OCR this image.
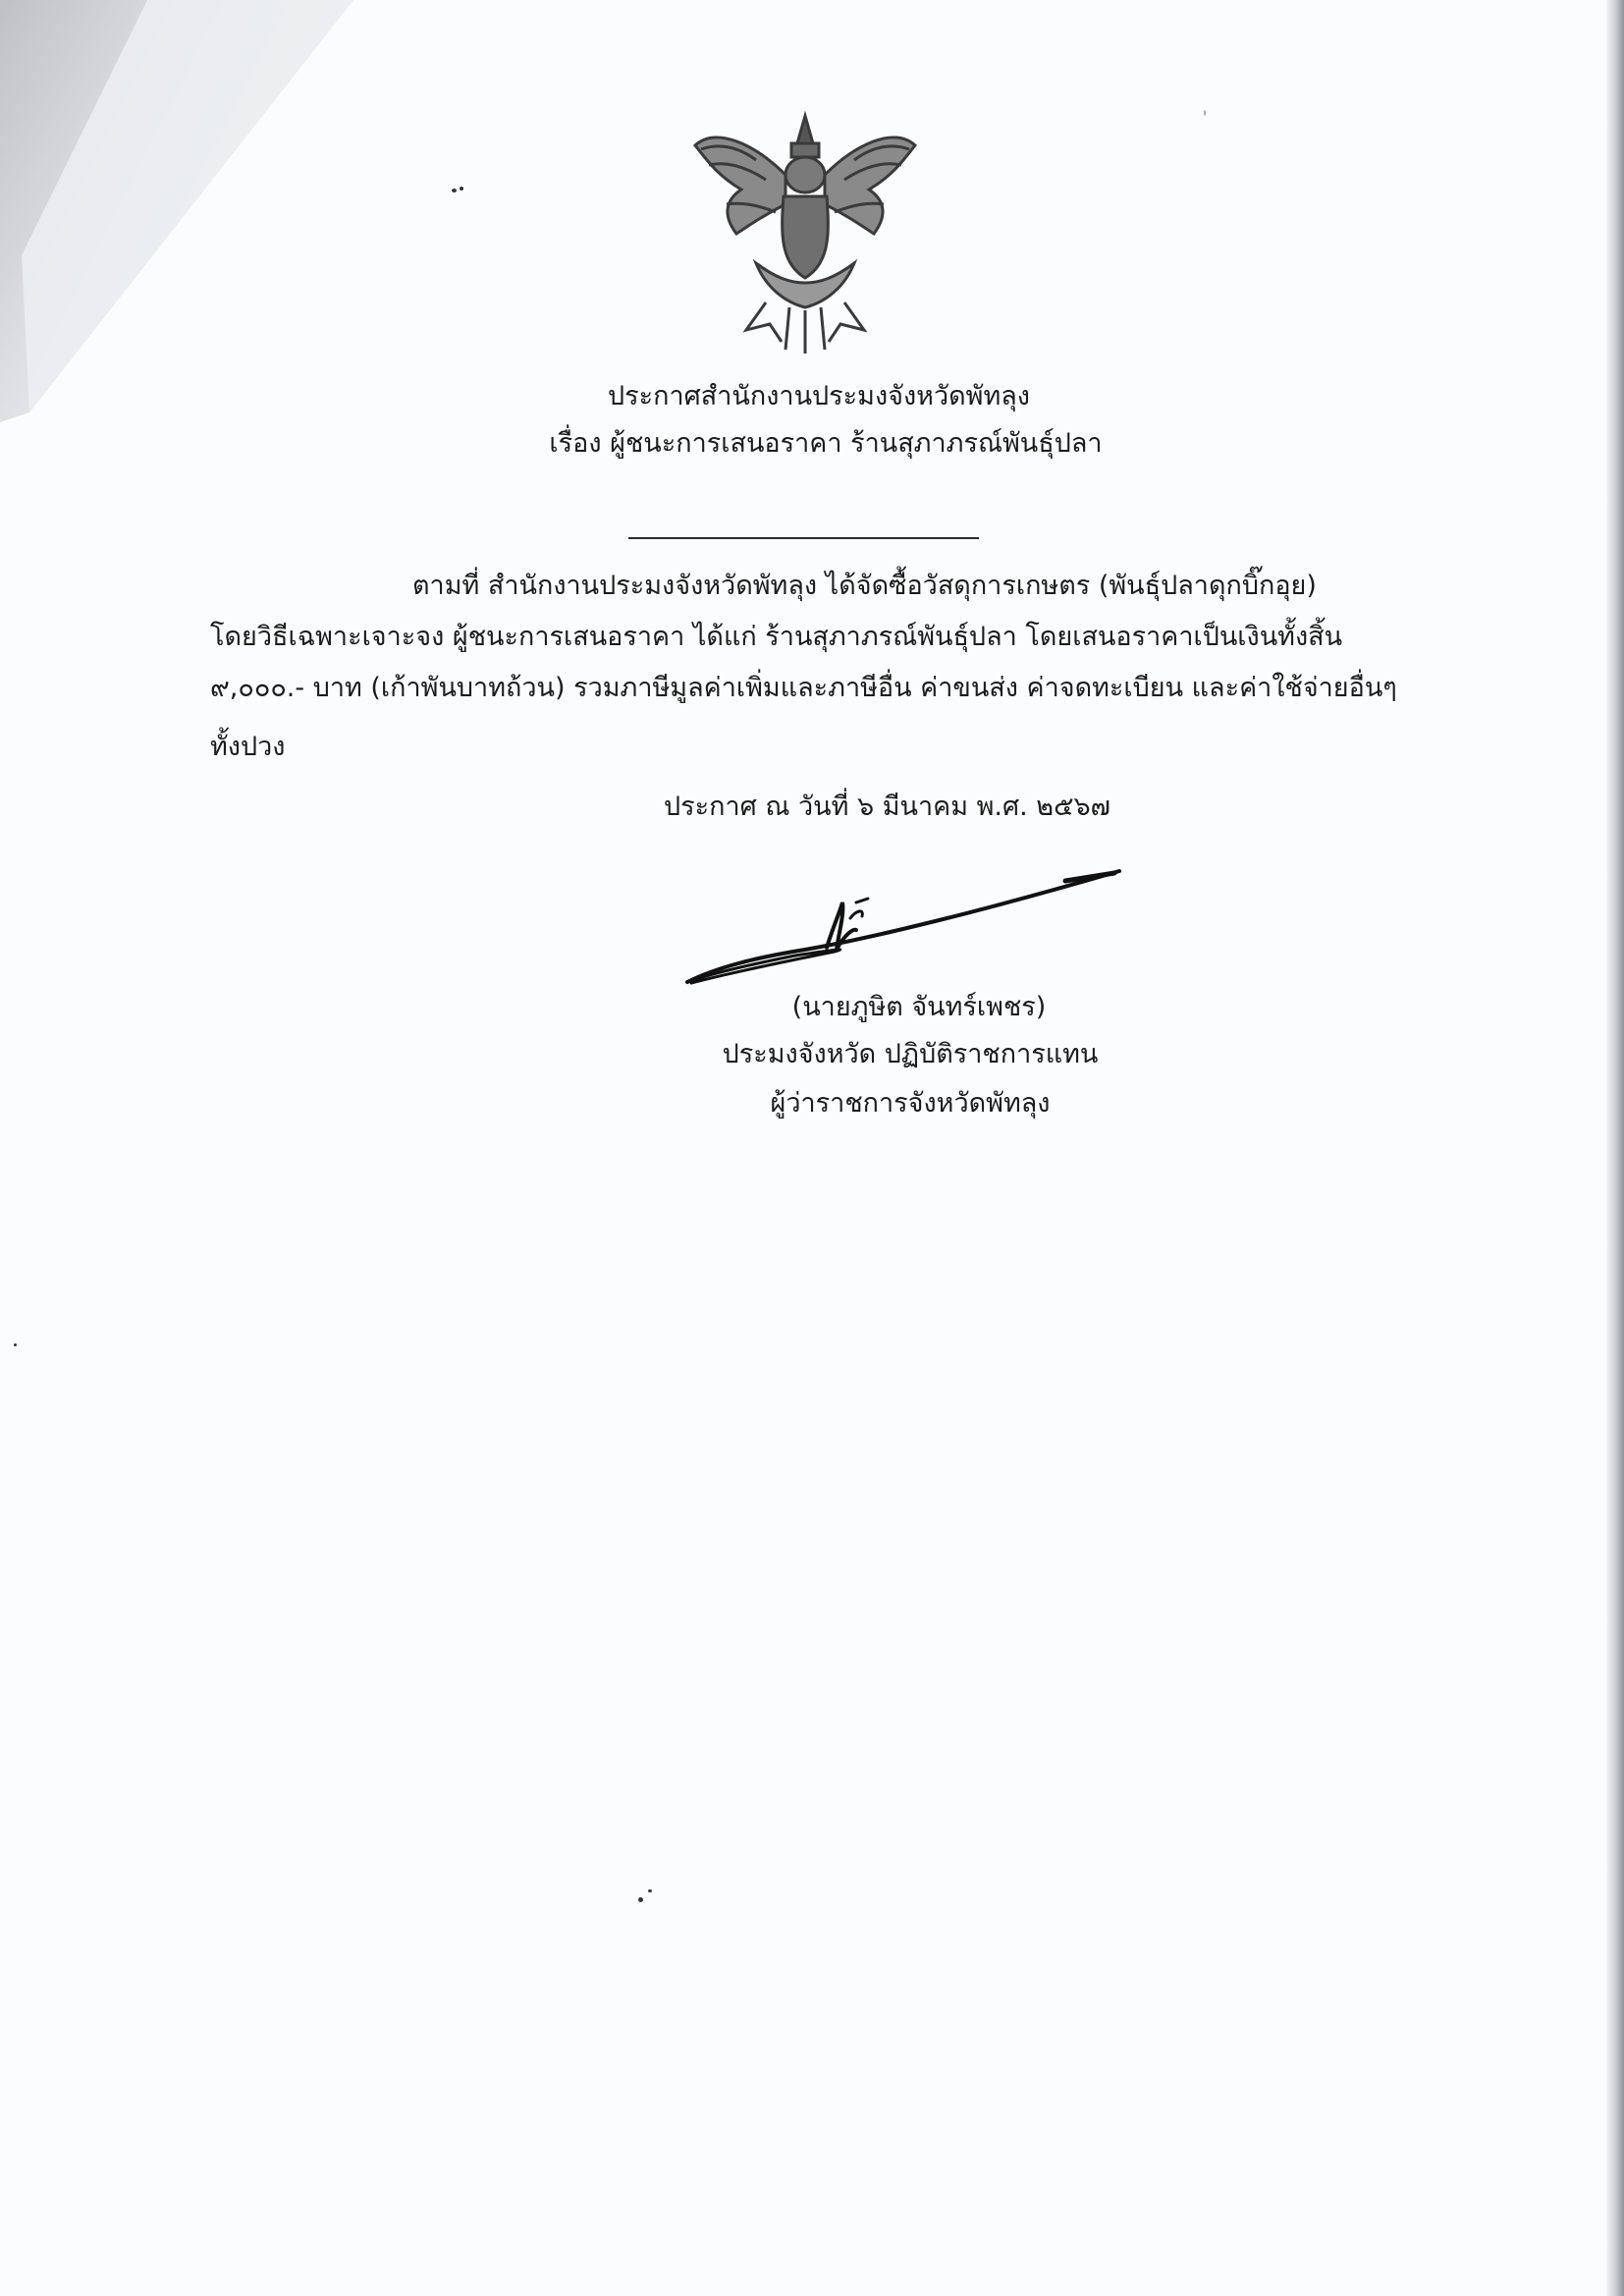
ประกาศสำนักงานประมงจังหวัดพัทลุง
เรื่อง ผู้ชนะการเสนอราคา ร้านสุภาภรณ์พันธุ์ปลา
ตามที่ สำนักงานประมงจังหวัดพัทลุง ได้จัดซื้อวัสดุการเกษตร (พันธุ์ปลาดุกบิ๊กอุย)
โดยวิธีเฉพาะเจาะจง ผู้ชนะการเสนอราคา ได้แก่ ร้านสุภาภรณ์พันธุ์ปลา โดยเสนอราคาเป็นเงินทั้งสิ้น
๙,๐๐๐.- บาท (เก้าพันบาทถ้วน) รวมภาษีมูลค่าเพิ่มและภาษีอื่น ค่าขนส่ง ค่าจดทะเบียน และค่าใช้จ่ายอื่นๆ
ทั้งปวง
ประกาศ ณ วันที่ ๖ มีนาคม พ.ศ. ๒๕๖๗
(นายภูษิต จันทร์เพชร)
ประมงจังหวัด ปฏิบัติราชการแทน
ผู้ว่าราชการจังหวัดพัทลุง
